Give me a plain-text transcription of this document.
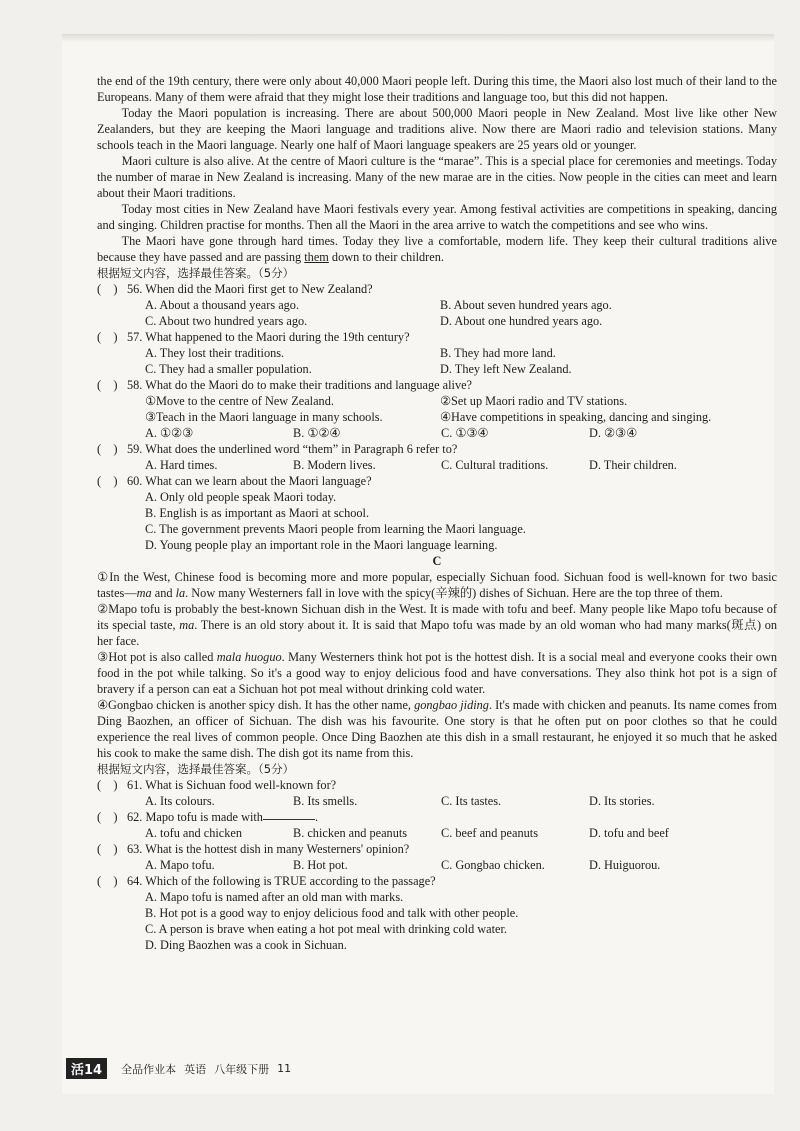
the end of the 19th century, there were only about 40,000 Maori people left. During this time, the Maori also lost much of their land to the Europeans. Many of them were afraid that they might lose their traditions and language too, but this did not happen.

Today the Maori population is increasing. There are about 500,000 Maori people in New Zealand. Most live like other New Zealanders, but they are keeping the Maori language and traditions alive. Now there are Maori radio and television stations. Many schools teach in the Maori language. Nearly one half of Maori language speakers are 25 years old or younger.

Maori culture is also alive. At the centre of Maori culture is the “marae”. This is a special place for ceremonies and meetings. Today the number of marae in New Zealand is increasing. Many of the new marae are in the cities. Now people in the cities can meet and learn about their Maori traditions.

Today most cities in New Zealand have Maori festivals every year. Among festival activities are competitions in speaking, dancing and singing. Children practise for months. Then all the Maori in the area arrive to watch the competitions and see who wins.

The Maori have gone through hard times. Today they live a comfortable, modern life. They keep their cultural traditions alive because they have passed and are passing them down to their children.

根据短文内容，选择最佳答案。（5分）

(　) 56. When did the Maori first get to New Zealand?
A. About a thousand years ago.	B. About seven hundred years ago.
C. About two hundred years ago.	D. About one hundred years ago.
(　) 57. What happened to the Maori during the 19th century?
A. They lost their traditions.	B. They had more land.
C. They had a smaller population.	D. They left New Zealand.
(　) 58. What do the Maori do to make their traditions and language alive?
①Move to the centre of New Zealand.	②Set up Maori radio and TV stations.
③Teach in the Maori language in many schools.	④Have competitions in speaking, dancing and singing.
A. ①②③	B. ①②④	C. ①③④	D. ②③④
(　) 59. What does the underlined word “them” in Paragraph 6 refer to?
A. Hard times.	B. Modern lives.	C. Cultural traditions.	D. Their children.
(　) 60. What can we learn about the Maori language?
A. Only old people speak Maori today.
B. English is as important as Maori at school.
C. The government prevents Maori people from learning the Maori language.
D. Young people play an important role in the Maori language learning.

C

①In the West, Chinese food is becoming more and more popular, especially Sichuan food. Sichuan food is well-known for two basic tastes—ma and la. Now many Westerners fall in love with the spicy(辛辣的) dishes of Sichuan. Here are the top three of them.

②Mapo tofu is probably the best-known Sichuan dish in the West. It is made with tofu and beef. Many people like Mapo tofu because of its special taste, ma. There is an old story about it. It is said that Mapo tofu was made by an old woman who had many marks(斑点) on her face.

③Hot pot is also called mala huoguo. Many Westerners think hot pot is the hottest dish. It is a social meal and everyone cooks their own food in the pot while talking. So it's a good way to enjoy delicious food and have conversations. They also think hot pot is a sign of bravery if a person can eat a Sichuan hot pot meal without drinking cold water.

④Gongbao chicken is another spicy dish. It has the other name, gongbao jiding. It's made with chicken and peanuts. Its name comes from Ding Baozhen, an officer of Sichuan. The dish was his favourite. One story is that he often put on poor clothes so that he could experience the real lives of common people. Once Ding Baozhen ate this dish in a small restaurant, he enjoyed it so much that he asked his cook to make the same dish. The dish got its name from this.

根据短文内容，选择最佳答案。（5分）

(　) 61. What is Sichuan food well-known for?
A. Its colours.	B. Its smells.	C. Its tastes.	D. Its stories.
(　) 62. Mapo tofu is made with	.
A. tofu and chicken	B. chicken and peanuts	C. beef and peanuts	D. tofu and beef
(　) 63. What is the hottest dish in many Westerners' opinion?
A. Mapo tofu.	B. Hot pot.	C. Gongbao chicken.	D. Huiguorou.
(　) 64. Which of the following is TRUE according to the passage?
A. Mapo tofu is named after an old man with marks.
B. Hot pot is a good way to enjoy delicious food and talk with other people.
C. A person is brave when eating a hot pot meal with drinking cold water.
D. Ding Baozhen was a cook in Sichuan.
活14	全品作业本 英语 八年级下册 11
